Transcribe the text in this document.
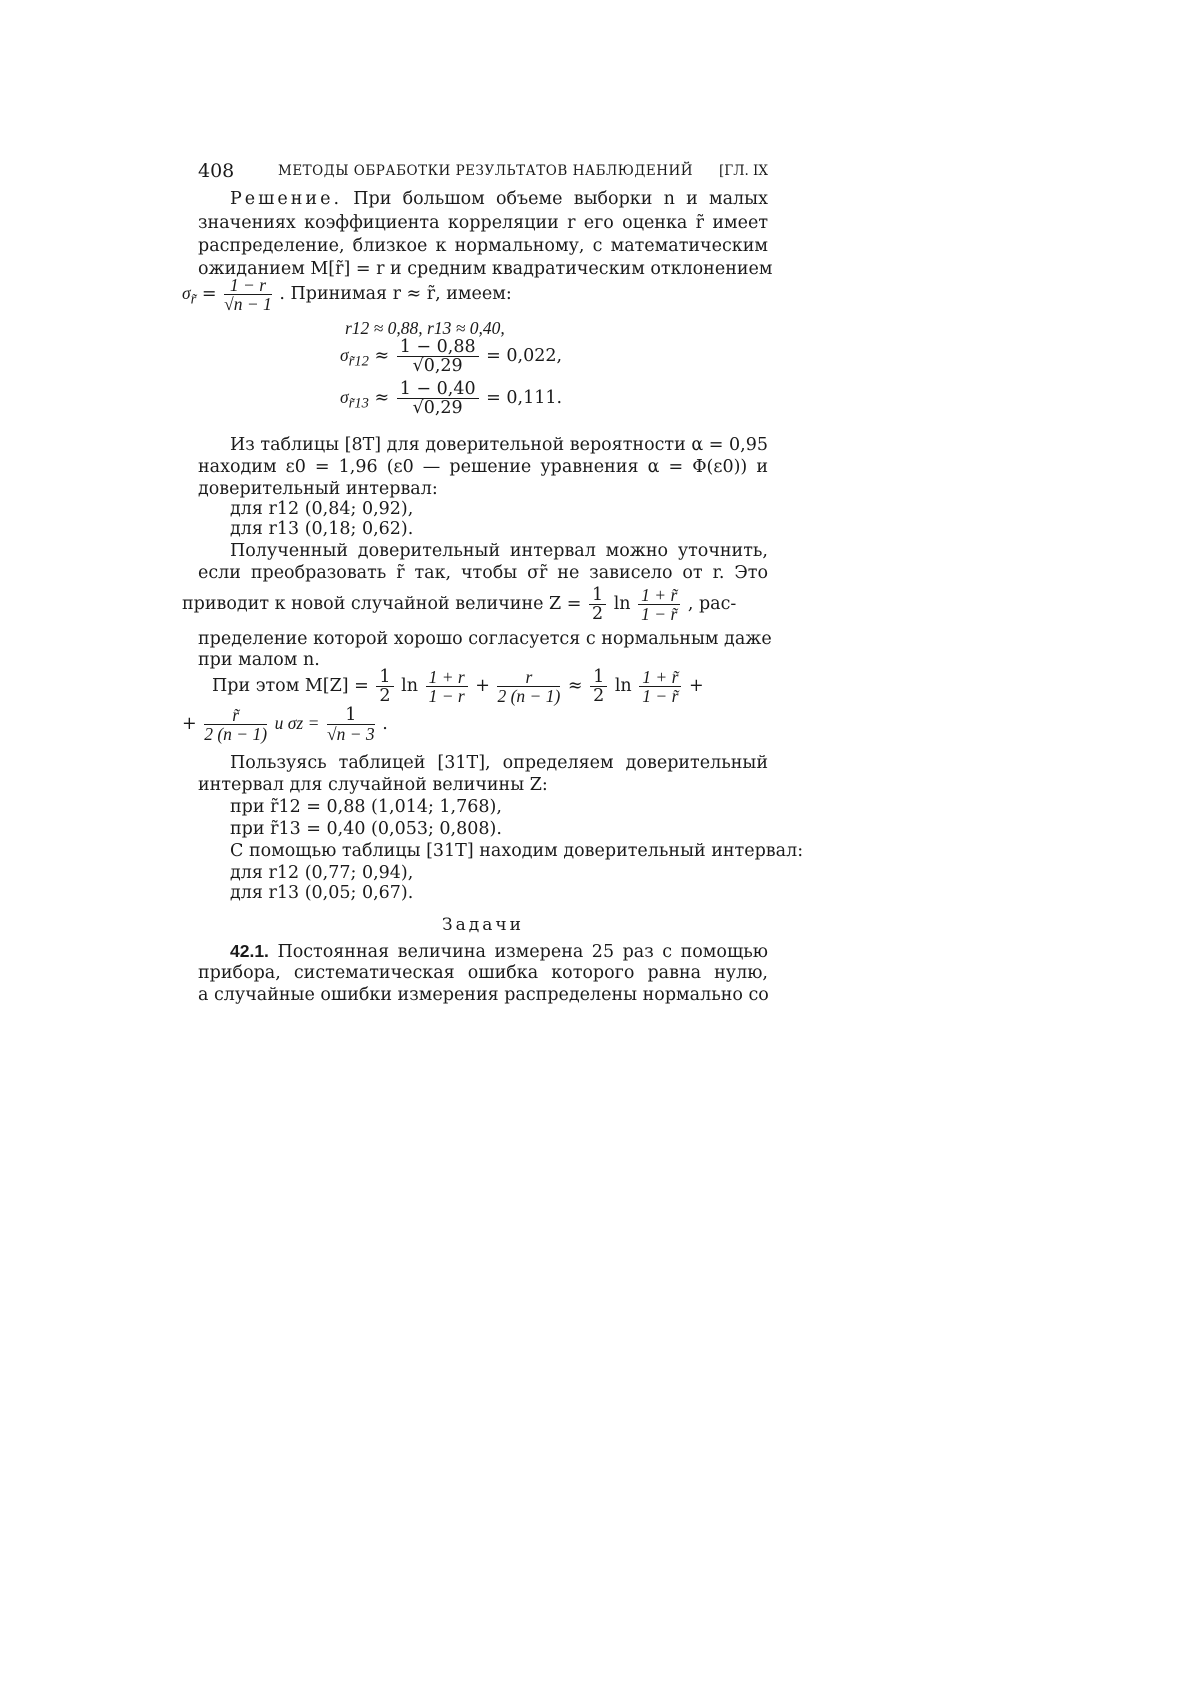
408	МЕТОДЫ ОБРАБОТКИ РЕЗУЛЬТАТОВ НАБЛЮДЕНИЙ [ГЛ. IX
Решение. При большом объеме выборки n и малых
значениях коэффициента корреляции r его оценка r̃ имеет
распределение, близкое к нормальному, с математическим
ожиданием M[r̃] = r и средним квадратическим отклонением
$\sigma_{r̃} = \frac{1 - r}{√n - 1}$ . Принимая r ≈ r̃, имеем:
r12 ≈ 0,88, r13 ≈ 0,40,
$\sigma_{r̃12} \approx \frac{1 - 0,88}{√0,29} = 0,022$,
$\sigma_{r̃13} \approx \frac{1 - 0,40}{√0,29} = 0,111$.
Из таблицы [8T] для доверительной вероятности α = 0,95
находим ε0 = 1,96 (ε0 — решение уравнения α = Φ(ε0)) и
доверительный интервал:
для r12 (0,84; 0,92),
для r13 (0,18; 0,62).
Полученный доверительный интервал можно уточнить,
если преобразовать r̃ так, чтобы σr̃ не зависело от r. Это
приводит к новой случайной величине $Z = \frac{1}{2}$ $\ln \frac{1 + r̃}{1 - r̃}$ , рас-
пределение которой хорошо согласуется с нормальным даже
при малом n.
При этом $M[Z] = \frac{1}{2}$ $\ln \frac{1 + r}{1 - r} + \frac{r}{2 (n - 1)} \approx \frac{1}{2}$ $\ln \frac{1 + r̃}{1 - r̃}$ +
+ $\frac{r̃}{2 (n - 1)}$ и $\sigma z = \frac{1}{√n - 3}$ .
Пользуясь таблицей [31T], определяем доверительный
интервал для случайной величины Z:
при r̃12 = 0,88 (1,014; 1,768),
при r̃13 = 0,40 (0,053; 0,808).
С помощью таблицы [31T] находим доверительный интервал:
для r12 (0,77; 0,94),
для r13 (0,05; 0,67).
Задачи
42.1. Постоянная величина измерена 25 раз с помощью
прибора, систематическая ошибка которого равна нулю,
а случайные ошибки измерения распределены нормально со
